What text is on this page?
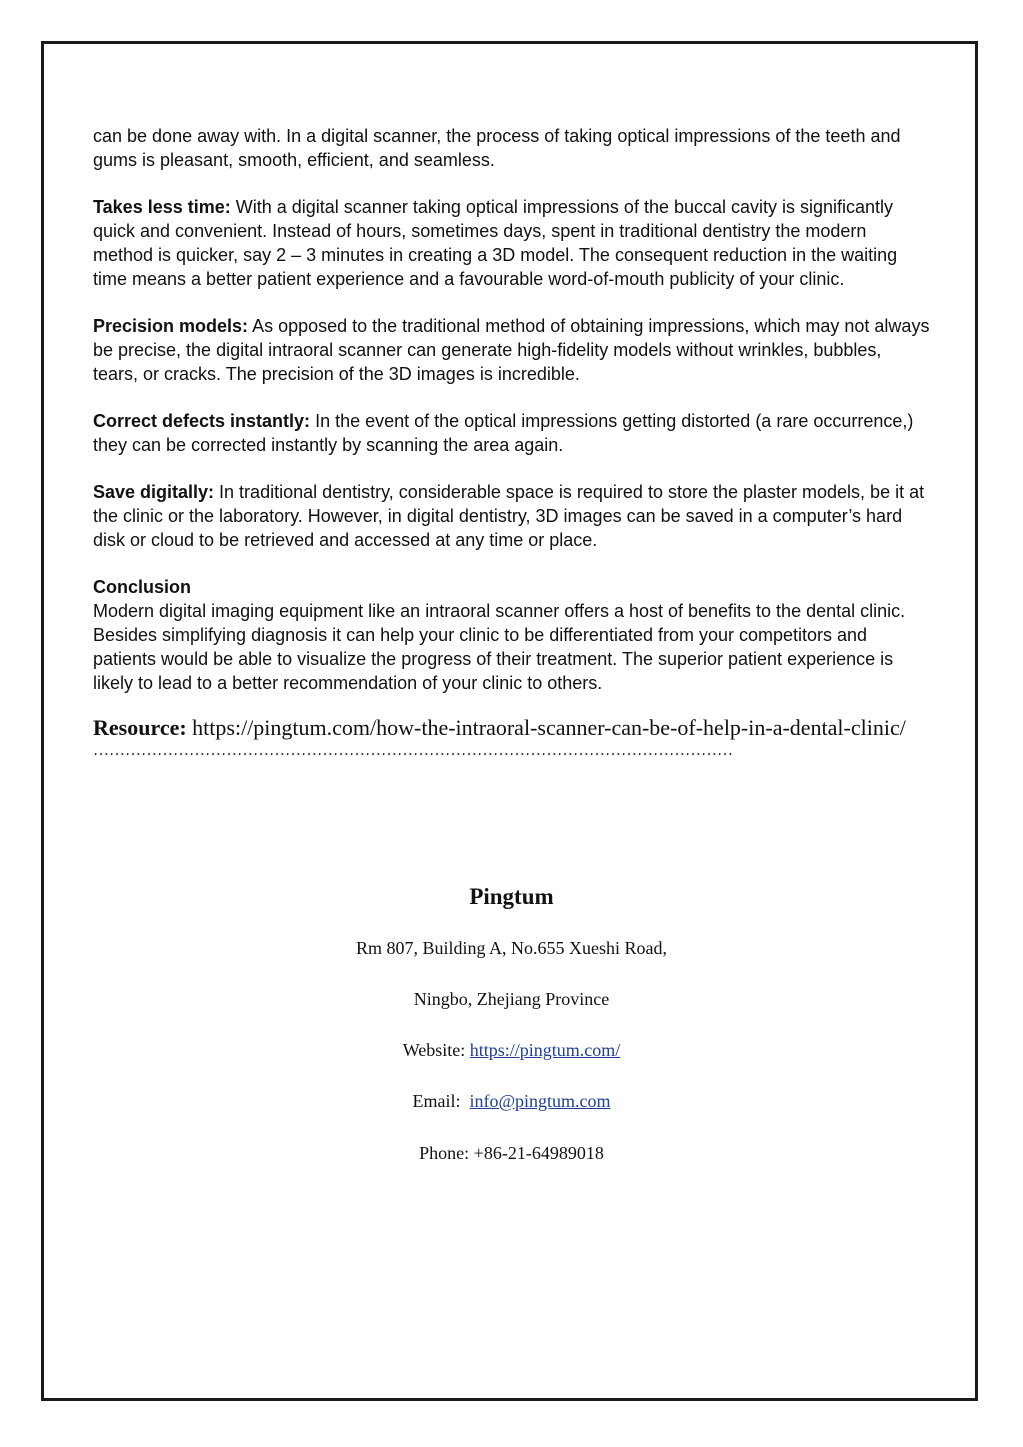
can be done away with. In a digital scanner, the process of taking optical impressions of the teeth and gums is pleasant, smooth, efficient, and seamless.

Takes less time: With a digital scanner taking optical impressions of the buccal cavity is significantly quick and convenient. Instead of hours, sometimes days, spent in traditional dentistry the modern method is quicker, say 2 – 3 minutes in creating a 3D model. The consequent reduction in the waiting time means a better patient experience and a favourable word-of-mouth publicity of your clinic.

Precision models: As opposed to the traditional method of obtaining impressions, which may not always be precise, the digital intraoral scanner can generate high-fidelity models without wrinkles, bubbles, tears, or cracks. The precision of the 3D images is incredible.

Correct defects instantly: In the event of the optical impressions getting distorted (a rare occurrence,) they can be corrected instantly by scanning the area again.

Save digitally: In traditional dentistry, considerable space is required to store the plaster models, be it at the clinic or the laboratory. However, in digital dentistry, 3D images can be saved in a computer’s hard disk or cloud to be retrieved and accessed at any time or place.

Conclusion
Modern digital imaging equipment like an intraoral scanner offers a host of benefits to the dental clinic. Besides simplifying diagnosis it can help your clinic to be differentiated from your competitors and patients would be able to visualize the progress of their treatment. The superior patient experience is likely to lead to a better recommendation of your clinic to others.

Resource: https://pingtum.com/how-the-intraoral-scanner-can-be-of-help-in-a-dental-clinic/
…………………………………………………………………………………………………………
Pingtum
Rm 807, Building A, No.655 Xueshi Road,
Ningbo, Zhejiang Province
Website: https://pingtum.com/
Email:  info@pingtum.com
Phone: +86-21-64989018
